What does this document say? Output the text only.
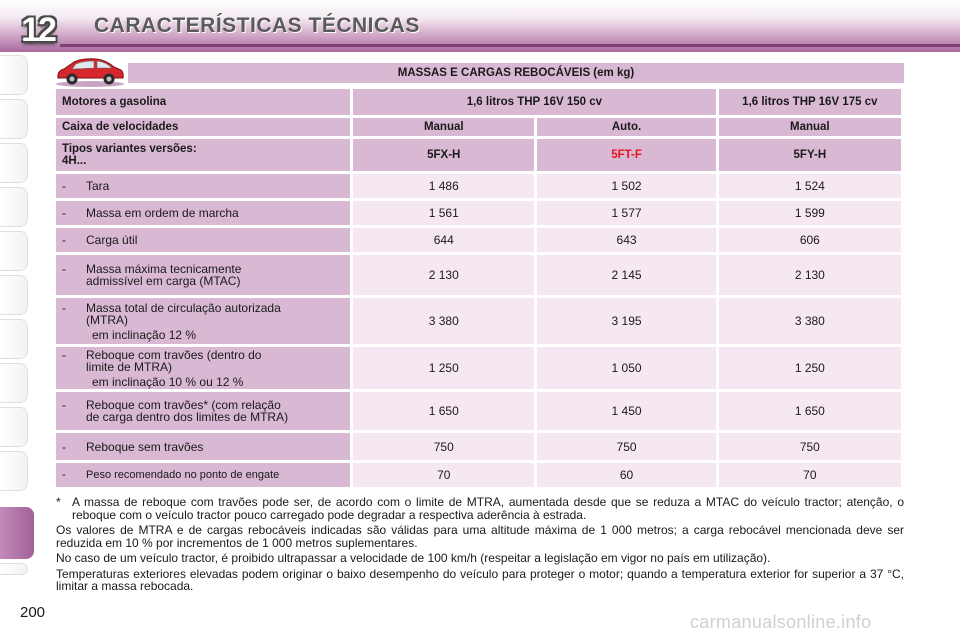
12 CARACTERÍSTICAS TÉCNICAS
MASSAS E CARGAS REBOCÁVEIS (em kg)
Motores a gasolina	1,6 litros THP 16V 150 cv		1,6 litros THP 16V 175 cv
Caixa de velocidades	Manual	Auto.	Manual

Tipos variantes versões:
4H...	5FX-H	5FT-F	5FY-H

- Tara	1 486	1 502	1 524

- Massa em ordem de marcha	1 561	1 577	1 599

- Carga útil	644	643	606

- Massa máxima tecnicamente
admissível em carga (MTAC)	2 130	2 145	2 130

- Massa total de circulação autorizada
(MTRA)
em inclinação 12 %	3 380	3 195	3 380

- Reboque com travões (dentro do
limite de MTRA)
em inclinação 10 % ou 12 %	1 250	1 050	1 250

- Reboque com travões* (com relação
de carga dentro dos limites de MTRA)	1 650	1 450	1 650

- Reboque sem travões	750	750	750

- Peso recomendado no ponto de engate	70	60	70
* A massa de reboque com travões pode ser, de acordo com o limite de MTRA, aumentada desde que se reduza a MTAC do veículo tractor; atenção, o reboque com o veículo tractor pouco carregado pode degradar a respectiva aderência à estrada.

Os valores de MTRA e de cargas rebocáveis indicadas são válidas para uma altitude máxima de 1 000 metros; a carga rebocável mencionada deve ser reduzida em 10 % por incrementos de 1 000 metros suplementares.

No caso de um veículo tractor, é proibido ultrapassar a velocidade de 100 km/h (respeitar a legislação em vigor no país em utilização).

Temperaturas exteriores elevadas podem originar o baixo desempenho do veículo para proteger o motor; quando a temperatura exterior for superior a 37 °C, limitar a massa rebocada.

200	carmanualsonline.info
